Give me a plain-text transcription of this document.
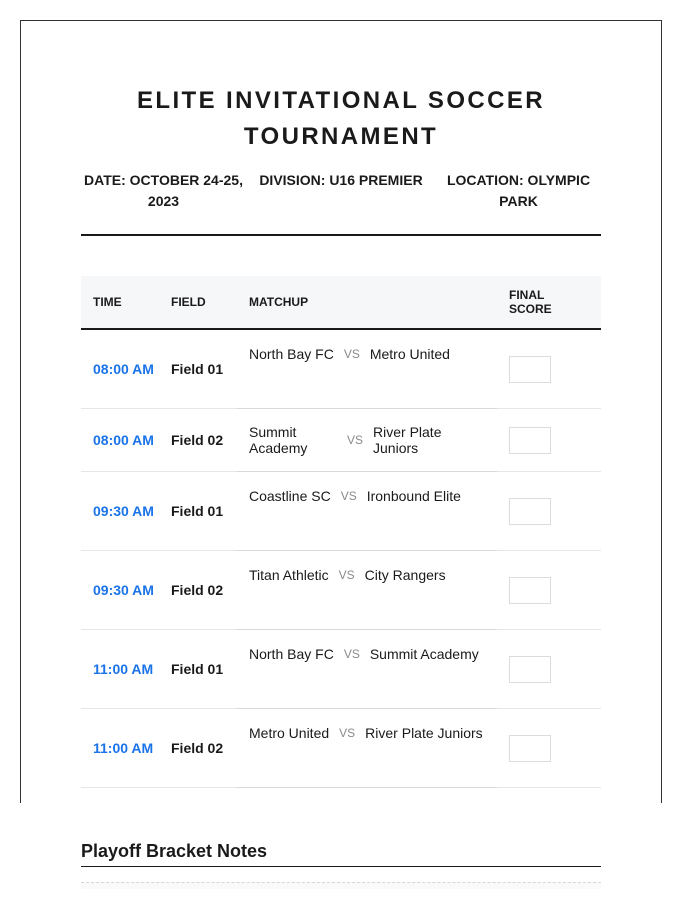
ELITE INVITATIONAL SOCCER TOURNAMENT
DATE: OCTOBER 24-25, 2023
DIVISION: U16 PREMIER	LOCATION: OLYMPIC PARK
TIME	FIELD	MATCHUP	FINAL SCORE
08:00 AM	Field 01	North Bay FC VS Metro United	

08:00 AM	Field 02	Summit Academy VS River Plate Juniors	

09:30 AM	Field 01	Coastline SC VS Ironbound Elite	

09:30 AM	Field 02	Titan Athletic VS City Rangers	

11:00 AM	Field 01	North Bay FC VS Summit Academy	

11:00 AM	Field 02	Metro United VS River Plate Juniors	

Playoff Bracket Notes
